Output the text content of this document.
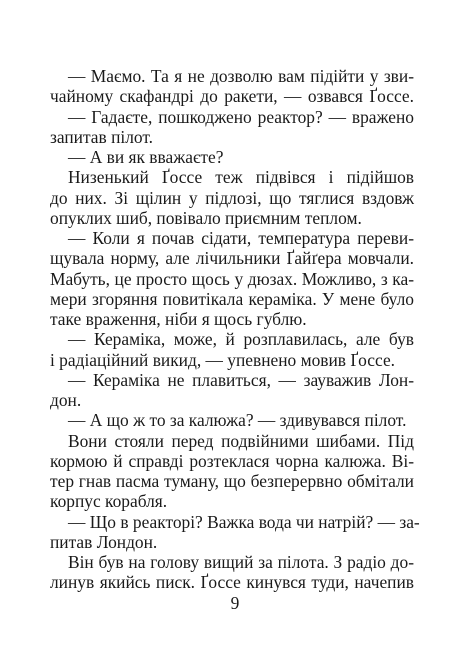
— Маємо. Та я не дозволю вам підійти у зви-
чайному скафандрі до ракети, — озвався Ґоссе.
— Гадаєте, пошкоджено реактор? — вражено
запитав пілот.
— А ви як вважаєте?
Низенький Ґоссе теж підвівся і підійшов
до них. Зі щілин у підлозі, що тяглися вздовж
опуклих шиб, повівало приємним теплом.
— Коли я почав сідати, температура переви-
щувала норму, але лічильники Ґайґера мовчали.
Мабуть, це просто щось у дюзах. Можливо, з ка-
мери згоряння повитікала кераміка. У мене було
таке враження, ніби я щось гублю.
— Кераміка, може, й розплавилась, але був
і радіаційний викид, — упевнено мовив Ґоссе.
— Кераміка не плавиться, — зауважив Лон-
дон.
— А що ж то за калюжа? — здивувався пілот.
Вони стояли перед подвійними шибами. Під
кормою й справді розтеклася чорна калюжа. Ві-
тер гнав пасма туману, що безперервно обмітали
корпус корабля.
— Що в реакторі? Важка вода чи натрій? — за-
питав Лондон.
Він був на голову вищий за пілота. З радіо до-
линув якийсь писк. Ґоссе кинувся туди, начепив
9
